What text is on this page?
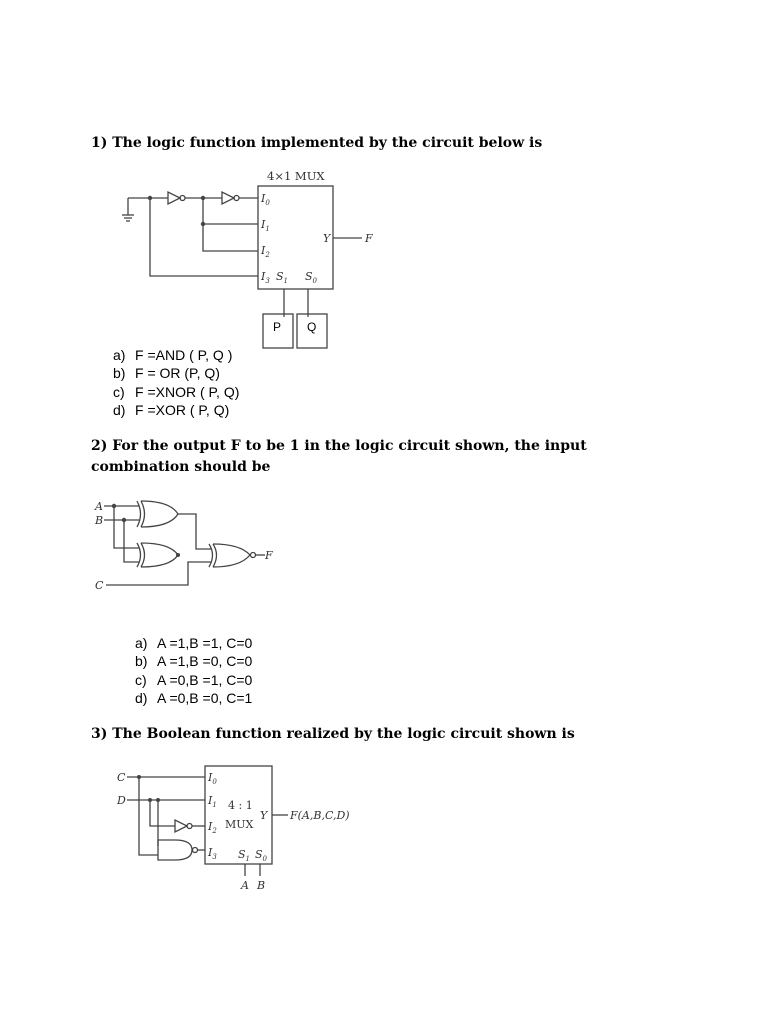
1) The logic function implemented by the circuit below is

4×1 MUX
$I_0$
$I_1$
$I_2$
$I_3$ $S_1$ $S_0$
Y	F
P Q
a) F =AND ( P, Q )
b) F = OR (P, Q)
c) F =XNOR ( P, Q)
d) F =XOR ( P, Q)

2) For the output F to be 1 in the logic circuit shown, the input

combination should be

A
B
C
F
a) A =1,B =1, C=0
b) A =1,B =0, C=0
c) A =0,B =1, C=0
d) A =0,B =0, C=1

3) The Boolean function realized by the logic circuit shown is

C
D
$I_0$
$I_1$
$I_2$
$I_3$
4 : 1
MUX
Y
$S_1$ $S_0$
F(A,B,C,D)
A B
